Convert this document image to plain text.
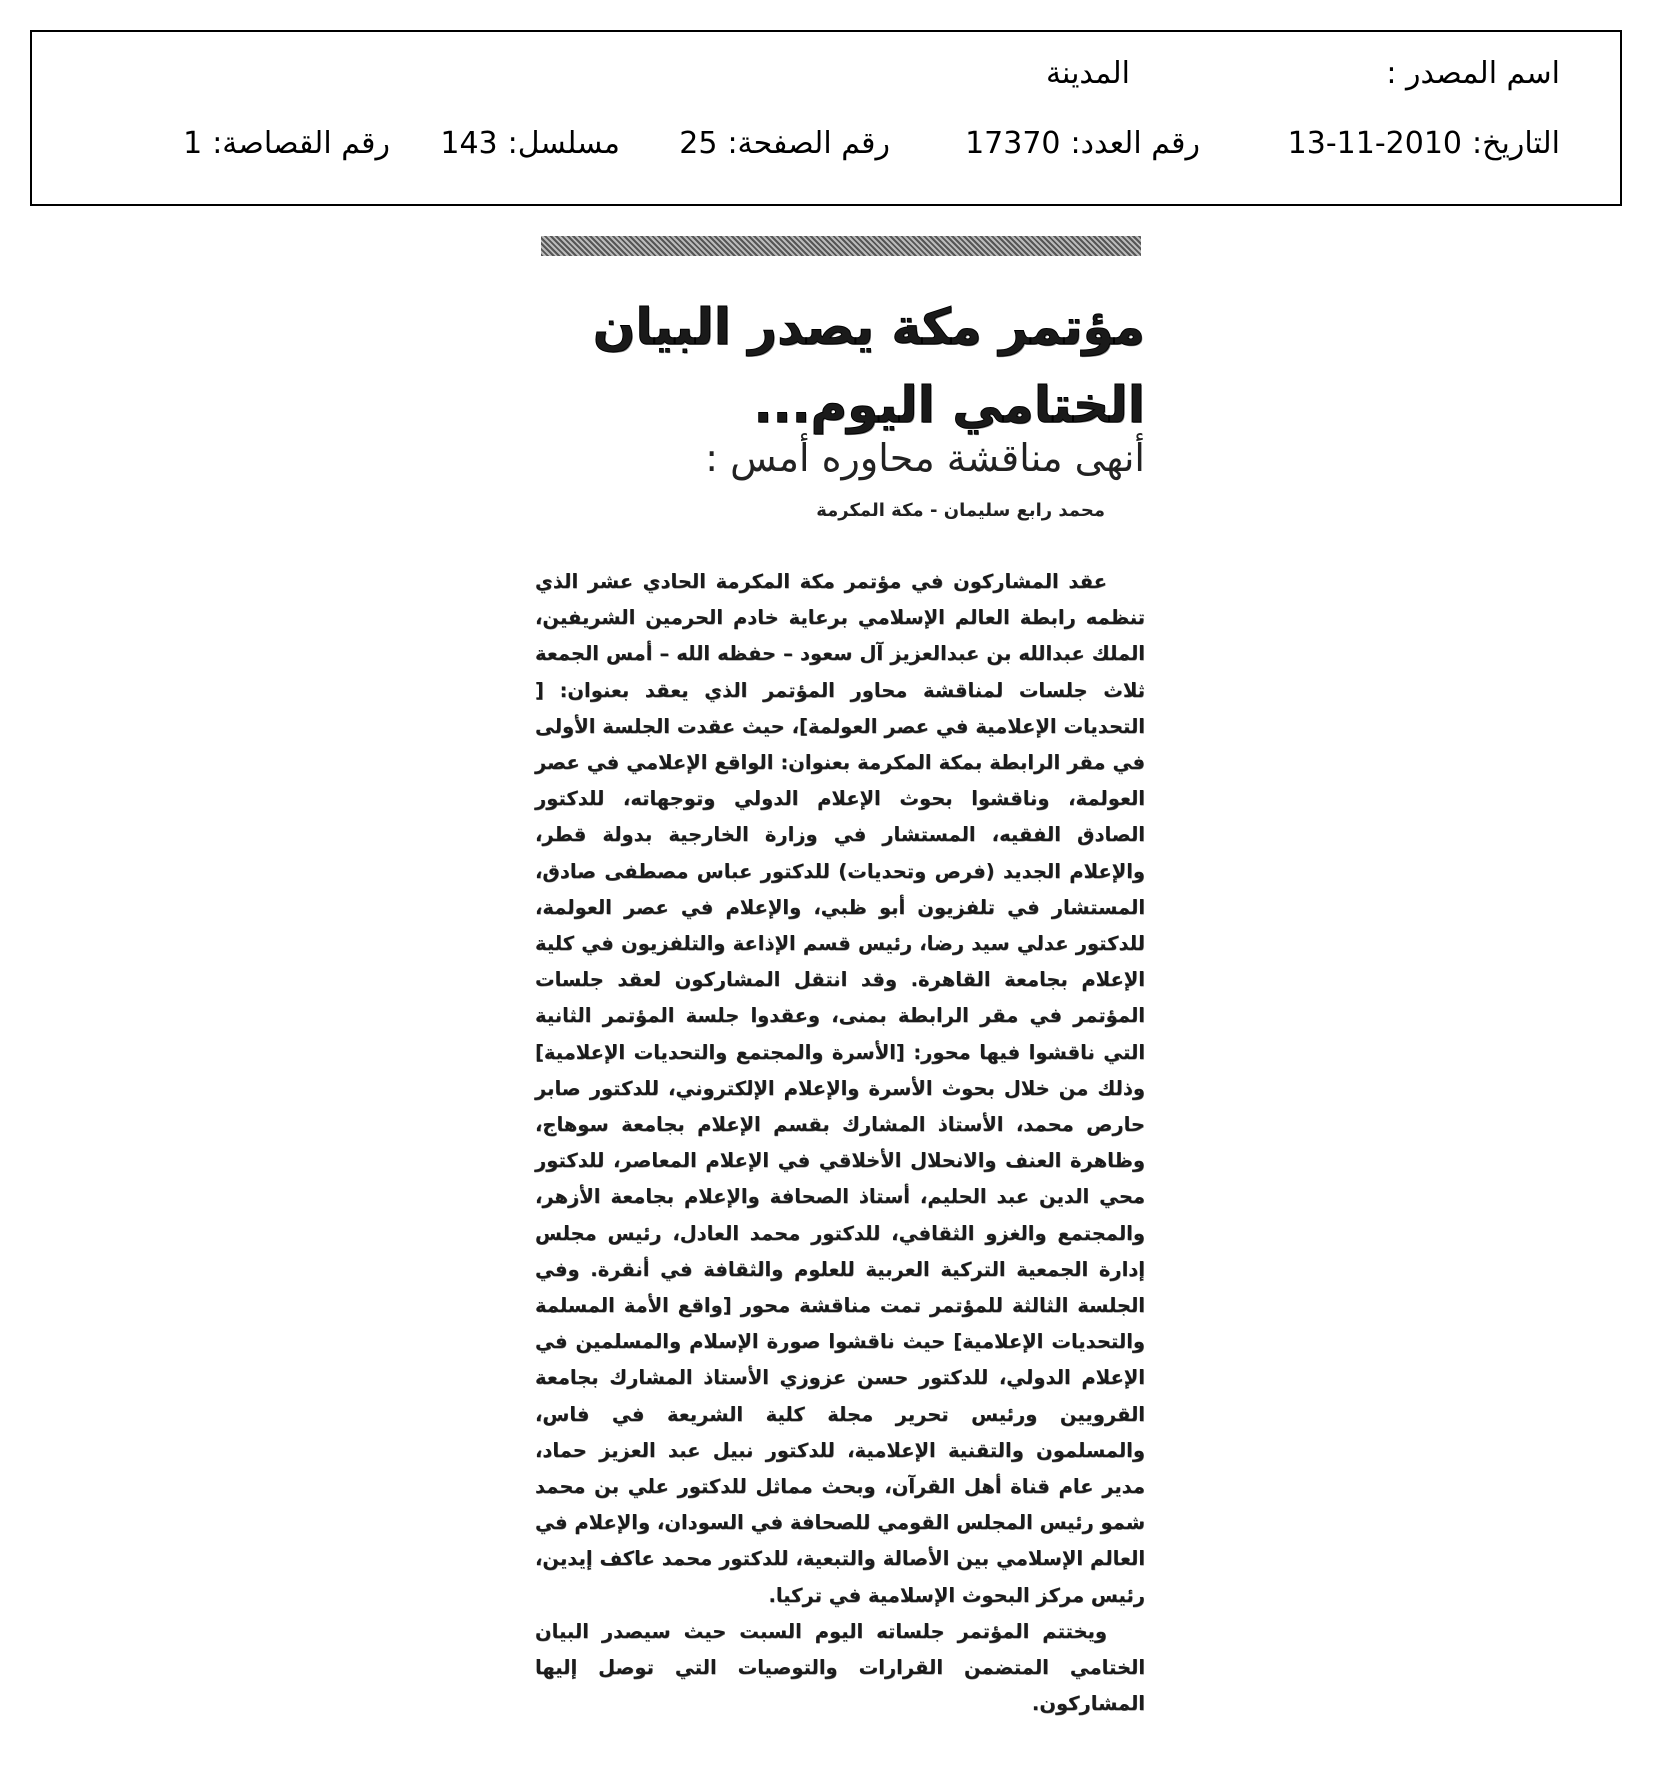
اسم المصدر :
المدينة
التاريخ:
13-11-2010
رقم العدد:
17370
رقم الصفحة:
25
مسلسل:
143
رقم القصاصة:
1
مؤتمر مكة يصدر البيان الختامي اليوم...
أنهى مناقشة محاوره أمس :
محمد رابع سليمان - مكة المكرمة

عقد المشاركون في مؤتمر مكة المكرمة الحادي عشر الذي تنظمه رابطة العالم الإسلامي برعاية خادم الحرمين الشريفين، الملك عبدالله بن عبدالعزيز آل سعود – حفظه الله – أمس الجمعة ثلاث جلسات لمناقشة محاور المؤتمر الذي يعقد بعنوان: [ التحديات الإعلامية في عصر العولمة]، حيث عقدت الجلسة الأولى في مقر الرابطة بمكة المكرمة بعنوان: الواقع الإعلامي في عصر العولمة، وناقشوا بحوث الإعلام الدولي وتوجهاته، للدكتور الصادق الفقيه، المستشار في وزارة الخارجية بدولة قطر، والإعلام الجديد (فرص وتحديات) للدكتور عباس مصطفى صادق، المستشار في تلفزيون أبو ظبي، والإعلام في عصر العولمة، للدكتور عدلي سيد رضا، رئيس قسم الإذاعة والتلفزيون في كلية الإعلام بجامعة القاهرة. وقد انتقل المشاركون لعقد جلسات المؤتمر في مقر الرابطة بمنى، وعقدوا جلسة المؤتمر الثانية التي ناقشوا فيها محور: [الأسرة والمجتمع والتحديات الإعلامية] وذلك من خلال بحوث الأسرة والإعلام الإلكتروني، للدكتور صابر حارص محمد، الأستاذ المشارك بقسم الإعلام بجامعة سوهاج، وظاهرة العنف والانحلال الأخلاقي في الإعلام المعاصر، للدكتور محي الدين عبد الحليم، أستاذ الصحافة والإعلام بجامعة الأزهر، والمجتمع والغزو الثقافي، للدكتور محمد العادل، رئيس مجلس إدارة الجمعية التركية العربية للعلوم والثقافة في أنقرة. وفي الجلسة الثالثة للمؤتمر تمت مناقشة محور [واقع الأمة المسلمة والتحديات الإعلامية] حيث ناقشوا صورة الإسلام والمسلمين في الإعلام الدولي، للدكتور حسن عزوزي الأستاذ المشارك بجامعة القرويين ورئيس تحرير مجلة كلية الشريعة في فاس، والمسلمون والتقنية الإعلامية، للدكتور نبيل عبد العزيز حماد، مدير عام قناة أهل القرآن، وبحث مماثل للدكتور علي بن محمد شمو رئيس المجلس القومي للصحافة في السودان، والإعلام في العالم الإسلامي بين الأصالة والتبعية، للدكتور محمد عاكف إيدين، رئيس مركز البحوث الإسلامية في تركيا.

ويختتم المؤتمر جلساته اليوم السبت حيث سيصدر البيان الختامي المتضمن القرارات والتوصيات التي توصل إليها المشاركون.
